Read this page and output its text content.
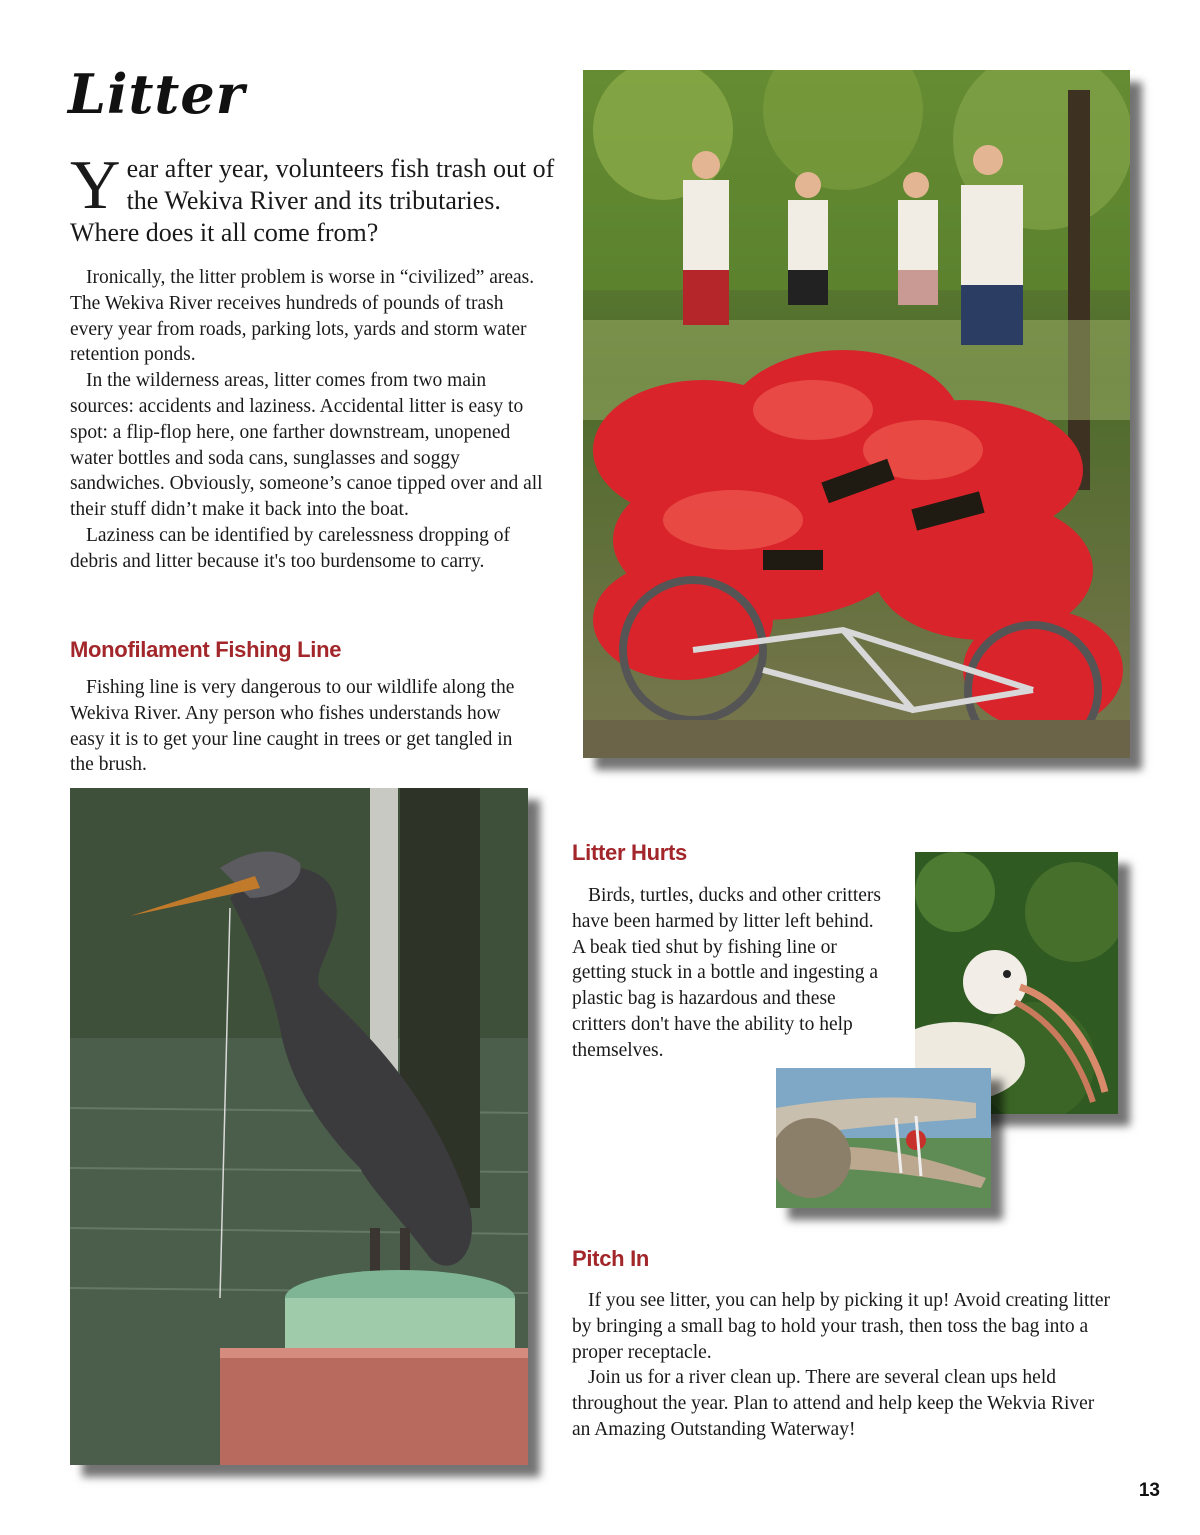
Litter
Year after year, volunteers fish trash out of the Wekiva River and its tributaries. Where does it all come from?

Ironically, the litter problem is worse in “civilized” areas. The Wekiva River receives hundreds of pounds of trash every year from roads, parking lots, yards and storm water retention ponds.

In the wilderness areas, litter comes from two main sources: accidents and laziness. Accidental litter is easy to spot: a flip-flop here, one farther downstream, unopened water bottles and soda cans, sunglasses and soggy sandwiches. Obviously, someone’s canoe tipped over and all their stuff didn’t make it back into the boat.

Laziness can be identified by carelessness dropping of debris and litter because it's too burdensome to carry.

Monofilament Fishing Line

Fishing line is very dangerous to our wildlife along the Wekiva River. Any person who fishes understands how easy it is to get your line caught in trees or get tangled in the brush.

Litter Hurts

Birds, turtles, ducks and other critters have been harmed by litter left behind. A beak tied shut by fishing line or getting stuck in a bottle and ingesting a plastic bag is hazardous and these critters don't have the ability to help themselves.

Pitch In

If you see litter, you can help by picking it up! Avoid creating litter by bringing a small bag to hold your trash, then toss the bag into a proper receptacle.

Join us for a river clean up. There are several clean ups held throughout the year. Plan to attend and help keep the Wekvia River an Amazing Outstanding Waterway!

13
